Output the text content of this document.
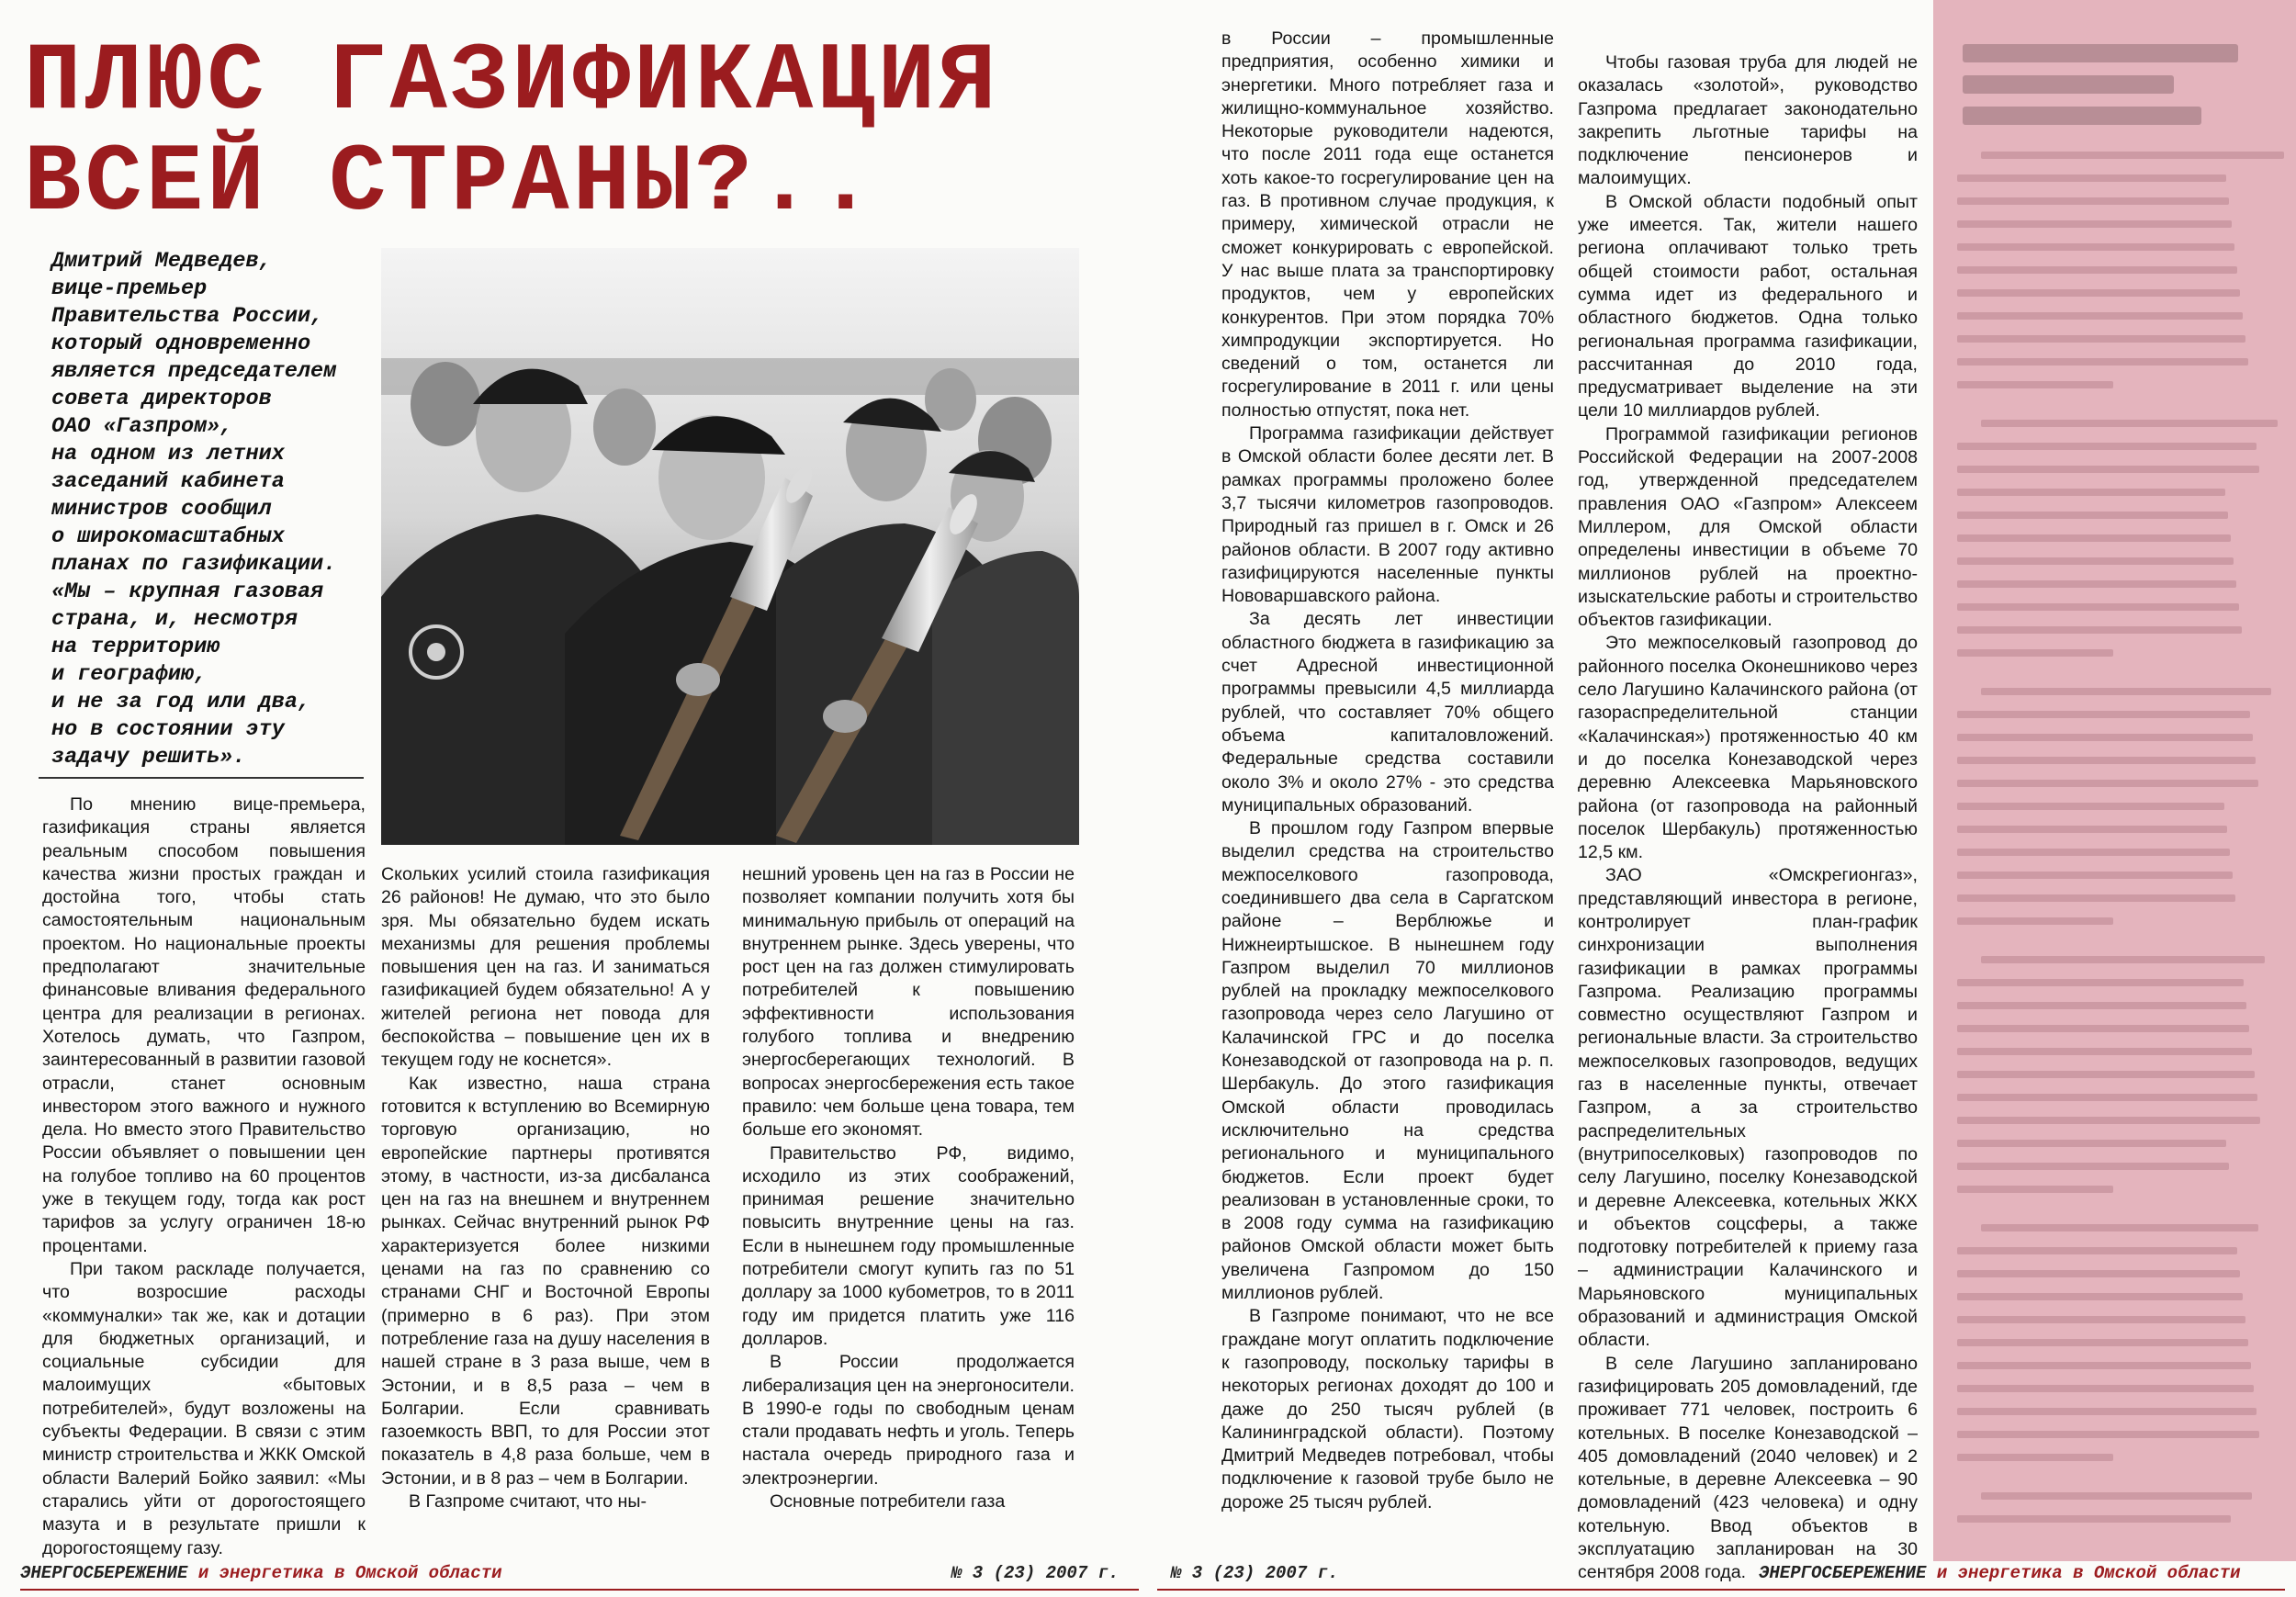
ПЛЮС ГАЗИФИКАЦИЯ
ВСЕЙ СТРАНЫ?..
Дмитрий Медведев,
вице-премьер
Правительства России,
который одновременно
является председателем
совета директоров
ОАО «Газпром»,
на одном из летних
заседаний кабинета
министров сообщил
о широкомасштабных
планах по газификации.
«Мы – крупная газовая
страна, и, несмотря
на территорию
и географию,
и не за год или два,
но в состоянии эту
задачу решить».

По мнению вице-премьера, газификация страны является реальным способом повышения качества жизни простых граждан и достойна того, чтобы стать самостоятельным национальным проектом. Но национальные проекты предполагают значительные финансовые вливания федерального центра для реализации в регионах. Хотелось думать, что Газпром, заинтересованный в развитии газовой отрасли, станет основным инвестором этого важного и нужного дела. Но вместо этого Правительство России объявляет о повышении цен на голубое топливо на 60 процентов уже в текущем году, тогда как рост тарифов за услугу ограничен 18-ю процентами.

При таком раскладе получается, что возросшие расходы «коммуналки» так же, как и дотации для бюджетных организаций, и социальные субсидии для малоимущих «бытовых потребителей», будут возложены на субъекты Федерации. В связи с этим министр строительства и ЖКК Омской области Валерий Бойко заявил: «Мы старались уйти от дорогостоящего мазута и в результате пришли к дорогостоящему газу.

Скольких усилий стоила газификация 26 районов! Не думаю, что это было зря. Мы обязательно будем искать механизмы для решения проблемы повышения цен на газ. И заниматься газификацией будем обязательно! А у жителей региона нет повода для беспокойства – повышение цен их в текущем году не коснется».

Как известно, наша страна готовится к вступлению во Всемирную торговую организацию, но европейские партнеры противятся этому, в частности, из-за дисбаланса цен на газ на внешнем и внутреннем рынках. Сейчас внутренний рынок РФ характеризуется более низкими ценами на газ по сравнению со странами СНГ и Восточной Европы (примерно в 6 раз). При этом потребление газа на душу населения в нашей стране в 3 раза выше, чем в Эстонии, и в 8,5 раза – чем в Болгарии. Если сравнивать газоемкость ВВП, то для России этот показатель в 4,8 раза больше, чем в Эстонии, и в 8 раз – чем в Болгарии.

В Газпроме считают, что ны-

нешний уровень цен на газ в России не позволяет компании получить хотя бы минимальную прибыль от операций на внутреннем рынке. Здесь уверены, что рост цен на газ должен стимулировать потребителей к повышению эффективности использования голубого топлива и внедрению энергосберегающих технологий. В вопросах энергосбережения есть такое правило: чем больше цена товара, тем больше его экономят.

Правительство РФ, видимо, исходило из этих соображений, принимая решение значительно повысить внутренние цены на газ. Если в нынешнем году промышленные потребители смогут купить газ по 51 доллару за 1000 кубометров, то в 2011 году им придется платить уже 116 долларов.

В России продолжается либерализация цен на энергоносители. В 1990-е годы по свободным ценам стали продавать нефть и уголь. Теперь настала очередь природного газа и электроэнергии.

Основные потребители газа

ЭНЕРГОСБЕРЕЖЕНИЕ и энергетика в Омской области	№ 3 (23) 2007 г.

в России – промышленные предприятия, особенно химики и энергетики. Много потребляет газа и жилищно-коммунальное хозяйство. Некоторые руководители надеются, что после 2011 года еще останется хоть какое-то госрегулирование цен на газ. В противном случае продукция, к примеру, химической отрасли не сможет конкурировать с европейской. У нас выше плата за транспортировку продуктов, чем у европейских конкурентов. При этом порядка 70% химпродукции экспортируется. Но сведений о том, останется ли госрегулирование в 2011 г. или цены полностью отпустят, пока нет.

Программа газификации действует в Омской области более десяти лет. В рамках программы проложено более 3,7 тысячи километров газопроводов. Природный газ пришел в г. Омск и 26 районов области. В 2007 году активно газифицируются населенные пункты Нововаршавского района.

За десять лет инвестиции областного бюджета в газификацию за счет Адресной инвестиционной программы превысили 4,5 миллиарда рублей, что составляет 70% общего объема капиталовложений. Федеральные средства составили около 3% и около 27% - это средства муниципальных образований.

В прошлом году Газпром впервые выделил средства на строительство межпоселкового газопровода, соединившего два села в Саргатском районе – Верблюжье и Нижнеиртышское. В нынешнем году Газпром выделил 70 миллионов рублей на прокладку межпоселкового газопровода через село Лагушино от Калачинской ГРС и до поселка Конезаводской от газопровода на р. п. Шербакуль. До этого газификация Омской области проводилась исключительно на средства регионального и муниципального бюджетов. Если проект будет реализован в установленные сроки, то в 2008 году сумма на газификацию районов Омской области может быть увеличена Газпромом до 150 миллионов рублей.

В Газпроме понимают, что не все граждане могут оплатить подключение к газопроводу, поскольку тарифы в некоторых регионах доходят до 100 и даже до 250 тысяч рублей (в Калининградской области). Поэтому Дмитрий Медведев потребовал, чтобы подключение к газовой трубе было не дороже 25 тысяч рублей.

Чтобы газовая труба для людей не оказалась «золотой», руководство Газпрома предлагает законодательно закрепить льготные тарифы на подключение пенсионеров и малоимущих.

В Омской области подобный опыт уже имеется. Так, жители нашего региона оплачивают только треть общей стоимости работ, остальная сумма идет из федерального и областного бюджетов. Одна только региональная программа газификации, рассчитанная до 2010 года, предусматривает выделение на эти цели 10 миллиардов рублей.

Программой газификации регионов Российской Федерации на 2007-2008 год, утвержденной председателем правления ОАО «Газпром» Алексеем Миллером, для Омской области определены инвестиции в объеме 70 миллионов рублей на проектно-изыскательские работы и строительство объектов газификации.

Это межпоселковый газопровод до районного поселка Оконешниково через село Лагушино Калачинского района (от газораспределительной станции «Калачинская») протяженностью 40 км и до поселка Конезаводской через деревню Алексеевка Марьяновского района (от газопровода на районный поселок Шербакуль) протяженностью 12,5 км.

ЗАО «Омскрегионгаз», представляющий инвестора в регионе, контролирует план-график синхронизации выполнения газификации в рамках программы Газпрома. Реализацию программы совместно осуществляют Газпром и региональные власти. За строительство межпоселковых газопроводов, ведущих газ в населенные пункты, отвечает Газпром, а за строительство распределительных (внутрипоселковых) газопроводов по селу Лагушино, поселку Конезаводской и деревне Алексеевка, котельных ЖКХ и объектов соцсферы, а также подготовку потребителей к приему газа – администрации Калачинского и Марьяновского муниципальных образований и администрация Омской области.

В селе Лагушино запланировано газифицировать 205 домовладений, где проживает 771 человек, построить 6 котельных. В поселке Конезаводской – 405 домовладений (2040 человек) и 2 котельные, в деревне Алексеевка – 90 домовладений (423 человека) и одну котельную. Ввод объектов в эксплуатацию запланирован на 30 сентября 2008 года.

№ 3 (23) 2007 г.	ЭНЕРГОСБЕРЕЖЕНИЕ и энергетика в Омской области
